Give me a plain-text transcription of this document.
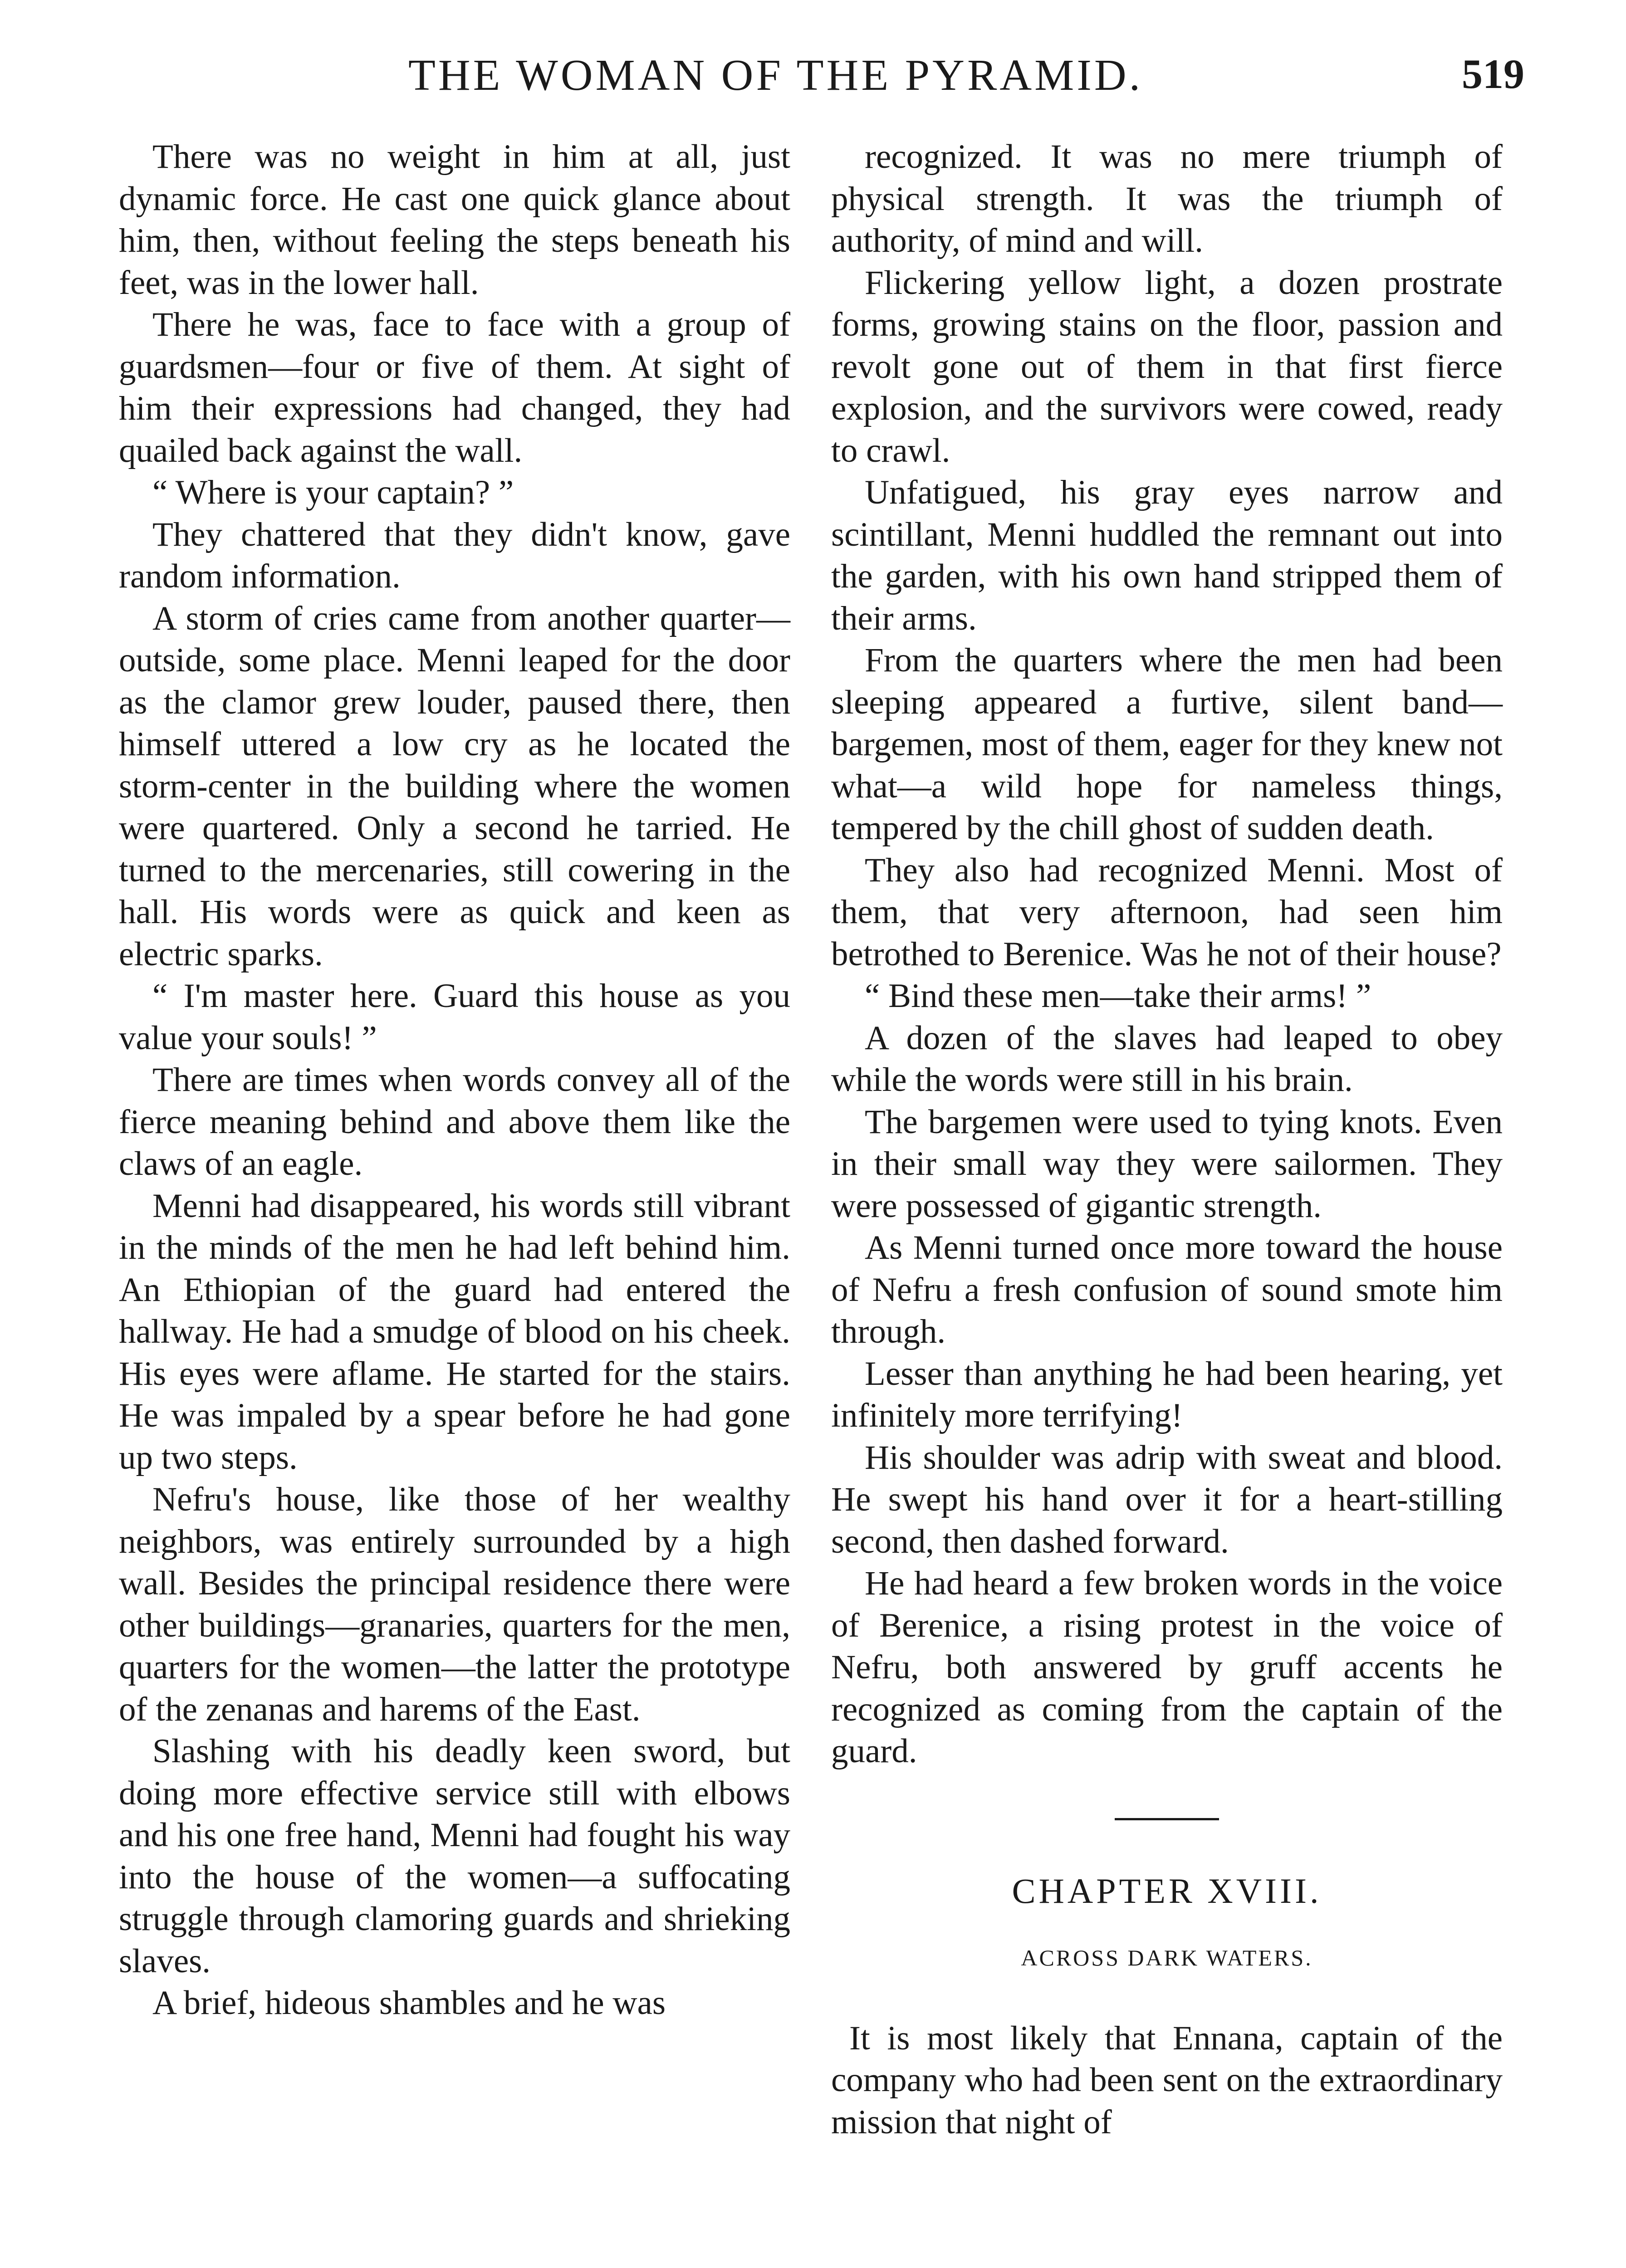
THE WOMAN OF THE PYRAMID.	519

There was no weight in him at all, just dynamic force. He cast one quick glance about him, then, without feeling the steps beneath his feet, was in the lower hall.

There he was, face to face with a group of guardsmen—four or five of them. At sight of him their expressions had changed, they had quailed back against the wall.

“ Where is your captain? ”

They chattered that they didn't know, gave random information.

A storm of cries came from another quarter—outside, some place. Menni leaped for the door as the clamor grew louder, paused there, then himself uttered a low cry as he located the storm-center in the building where the women were quartered. Only a second he tarried. He turned to the mercenaries, still cowering in the hall. His words were as quick and keen as electric sparks.

“ I'm master here. Guard this house as you value your souls! ”

There are times when words convey all of the fierce meaning behind and above them like the claws of an eagle.

Menni had disappeared, his words still vibrant in the minds of the men he had left behind him. An Ethiopian of the guard had entered the hallway. He had a smudge of blood on his cheek. His eyes were aflame. He started for the stairs. He was impaled by a spear before he had gone up two steps.

Nefru's house, like those of her wealthy neighbors, was entirely surrounded by a high wall. Besides the principal residence there were other buildings—granaries, quarters for the men, quarters for the women—the latter the prototype of the zenanas and harems of the East.

Slashing with his deadly keen sword, but doing more effective service still with elbows and his one free hand, Menni had fought his way into the house of the women—a suffocating struggle through clamoring guards and shrieking slaves.

A brief, hideous shambles and he was

recognized. It was no mere triumph of physical strength. It was the triumph of authority, of mind and will.

Flickering yellow light, a dozen prostrate forms, growing stains on the floor, passion and revolt gone out of them in that first fierce explosion, and the survivors were cowed, ready to crawl.

Unfatigued, his gray eyes narrow and scintillant, Menni huddled the remnant out into the garden, with his own hand stripped them of their arms.

From the quarters where the men had been sleeping appeared a furtive, silent band—bargemen, most of them, eager for they knew not what—a wild hope for nameless things, tempered by the chill ghost of sudden death.

They also had recognized Menni. Most of them, that very afternoon, had seen him betrothed to Berenice. Was he not of their house?

“ Bind these men—take their arms! ”

A dozen of the slaves had leaped to obey while the words were still in his brain.

The bargemen were used to tying knots. Even in their small way they were sailormen. They were possessed of gigantic strength.

As Menni turned once more toward the house of Nefru a fresh confusion of sound smote him through.

Lesser than anything he had been hearing, yet infinitely more terrifying!

His shoulder was adrip with sweat and blood. He swept his hand over it for a heart-stilling second, then dashed forward.

He had heard a few broken words in the voice of Berenice, a rising protest in the voice of Nefru, both answered by gruff accents he recognized as coming from the captain of the guard.

CHAPTER XVIII.
ACROSS DARK WATERS.

It is most likely that Ennana, captain of the company who had been sent on the extraordinary mission that night of
